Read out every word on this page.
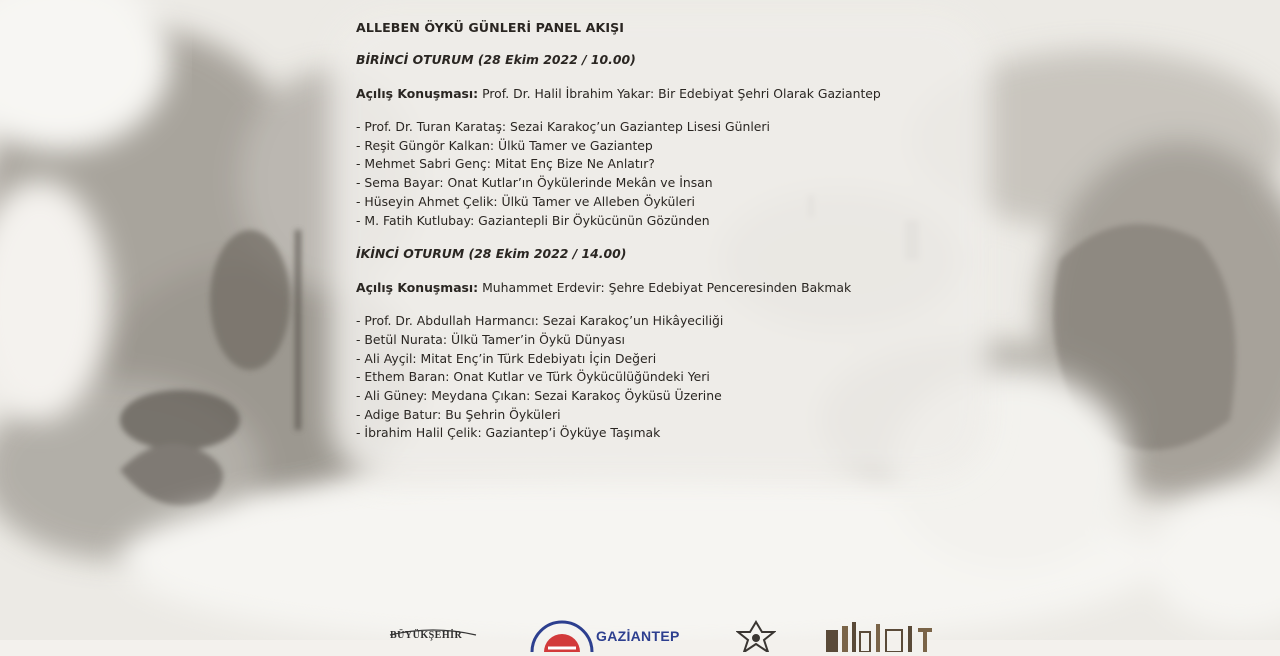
ALLEBEN ÖYKÜ GÜNLERİ PANEL AKIŞI
BİRİNCİ OTURUM (28 Ekim 2022 / 10.00)
Açılış Konuşması: Prof. Dr. Halil İbrahim Yakar: Bir Edebiyat Şehri Olarak Gaziantep
- Prof. Dr. Turan Karataş: Sezai Karakoç’un Gaziantep Lisesi Günleri
- Reşit Güngör Kalkan: Ülkü Tamer ve Gaziantep
- Mehmet Sabri Genç: Mitat Enç Bize Ne Anlatır?
- Sema Bayar: Onat Kutlar’ın Öykülerinde Mekân ve İnsan
- Hüseyin Ahmet Çelik: Ülkü Tamer ve Alleben Öyküleri
- M. Fatih Kutlubay: Gaziantepli Bir Öykücünün Gözünden
İKİNCİ OTURUM (28 Ekim 2022 / 14.00)
Açılış Konuşması: Muhammet Erdevir: Şehre Edebiyat Penceresinden Bakmak
- Prof. Dr. Abdullah Harmancı: Sezai Karakoç’un Hikâyeciliği
- Betül Nurata: Ülkü Tamer’in Öykü Dünyası
- Ali Ayçil: Mitat Enç’in Türk Edebiyatı İçin Değeri
- Ethem Baran: Onat Kutlar ve Türk Öykücülüğündeki Yeri
- Ali Güney: Meydana Çıkan: Sezai Karakoç Öyküsü Üzerine
- Adige Batur: Bu Şehrin Öyküleri
- İbrahim Halil Çelik: Gaziantep’i Öyküye Taşımak
BÜYÜKŞEHİR	GAZİANTEP
